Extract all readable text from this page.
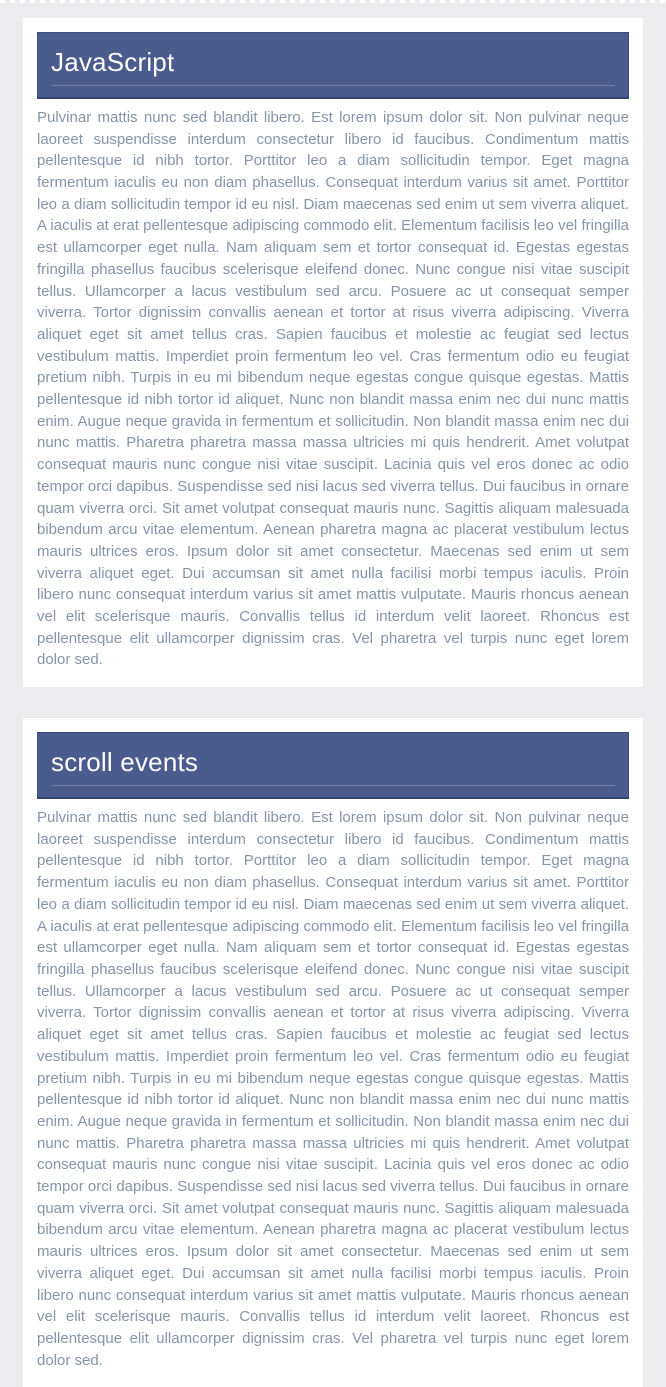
JavaScript

Pulvinar mattis nunc sed blandit libero. Est lorem ipsum dolor sit. Non pulvinar neque laoreet suspendisse interdum consectetur libero id faucibus. Condimentum mattis pellentesque id nibh tortor. Porttitor leo a diam sollicitudin tempor. Eget magna fermentum iaculis eu non diam phasellus. Consequat interdum varius sit amet. Porttitor leo a diam sollicitudin tempor id eu nisl. Diam maecenas sed enim ut sem viverra aliquet. A iaculis at erat pellentesque adipiscing commodo elit. Elementum facilisis leo vel fringilla est ullamcorper eget nulla. Nam aliquam sem et tortor consequat id. Egestas egestas fringilla phasellus faucibus scelerisque eleifend donec. Nunc congue nisi vitae suscipit tellus. Ullamcorper a lacus vestibulum sed arcu. Posuere ac ut consequat semper viverra. Tortor dignissim convallis aenean et tortor at risus viverra adipiscing. Viverra aliquet eget sit amet tellus cras. Sapien faucibus et molestie ac feugiat sed lectus vestibulum mattis. Imperdiet proin fermentum leo vel. Cras fermentum odio eu feugiat pretium nibh. Turpis in eu mi bibendum neque egestas congue quisque egestas. Mattis pellentesque id nibh tortor id aliquet. Nunc non blandit massa enim nec dui nunc mattis enim. Augue neque gravida in fermentum et sollicitudin. Non blandit massa enim nec dui nunc mattis. Pharetra pharetra massa massa ultricies mi quis hendrerit. Amet volutpat consequat mauris nunc congue nisi vitae suscipit. Lacinia quis vel eros donec ac odio tempor orci dapibus. Suspendisse sed nisi lacus sed viverra tellus. Dui faucibus in ornare quam viverra orci. Sit amet volutpat consequat mauris nunc. Sagittis aliquam malesuada bibendum arcu vitae elementum. Aenean pharetra magna ac placerat vestibulum lectus mauris ultrices eros. Ipsum dolor sit amet consectetur. Maecenas sed enim ut sem viverra aliquet eget. Dui accumsan sit amet nulla facilisi morbi tempus iaculis. Proin libero nunc consequat interdum varius sit amet mattis vulputate. Mauris rhoncus aenean vel elit scelerisque mauris. Convallis tellus id interdum velit laoreet. Rhoncus est pellentesque elit ullamcorper dignissim cras. Vel pharetra vel turpis nunc eget lorem dolor sed.

scroll events

Pulvinar mattis nunc sed blandit libero. Est lorem ipsum dolor sit. Non pulvinar neque laoreet suspendisse interdum consectetur libero id faucibus. Condimentum mattis pellentesque id nibh tortor. Porttitor leo a diam sollicitudin tempor. Eget magna fermentum iaculis eu non diam phasellus. Consequat interdum varius sit amet. Porttitor leo a diam sollicitudin tempor id eu nisl. Diam maecenas sed enim ut sem viverra aliquet. A iaculis at erat pellentesque adipiscing commodo elit. Elementum facilisis leo vel fringilla est ullamcorper eget nulla. Nam aliquam sem et tortor consequat id. Egestas egestas fringilla phasellus faucibus scelerisque eleifend donec. Nunc congue nisi vitae suscipit tellus. Ullamcorper a lacus vestibulum sed arcu. Posuere ac ut consequat semper viverra. Tortor dignissim convallis aenean et tortor at risus viverra adipiscing. Viverra aliquet eget sit amet tellus cras. Sapien faucibus et molestie ac feugiat sed lectus vestibulum mattis. Imperdiet proin fermentum leo vel. Cras fermentum odio eu feugiat pretium nibh. Turpis in eu mi bibendum neque egestas congue quisque egestas. Mattis pellentesque id nibh tortor id aliquet. Nunc non blandit massa enim nec dui nunc mattis enim. Augue neque gravida in fermentum et sollicitudin. Non blandit massa enim nec dui nunc mattis. Pharetra pharetra massa massa ultricies mi quis hendrerit. Amet volutpat consequat mauris nunc congue nisi vitae suscipit. Lacinia quis vel eros donec ac odio tempor orci dapibus. Suspendisse sed nisi lacus sed viverra tellus. Dui faucibus in ornare quam viverra orci. Sit amet volutpat consequat mauris nunc. Sagittis aliquam malesuada bibendum arcu vitae elementum. Aenean pharetra magna ac placerat vestibulum lectus mauris ultrices eros. Ipsum dolor sit amet consectetur. Maecenas sed enim ut sem viverra aliquet eget. Dui accumsan sit amet nulla facilisi morbi tempus iaculis. Proin libero nunc consequat interdum varius sit amet mattis vulputate. Mauris rhoncus aenean vel elit scelerisque mauris. Convallis tellus id interdum velit laoreet. Rhoncus est pellentesque elit ullamcorper dignissim cras. Vel pharetra vel turpis nunc eget lorem dolor sed.
